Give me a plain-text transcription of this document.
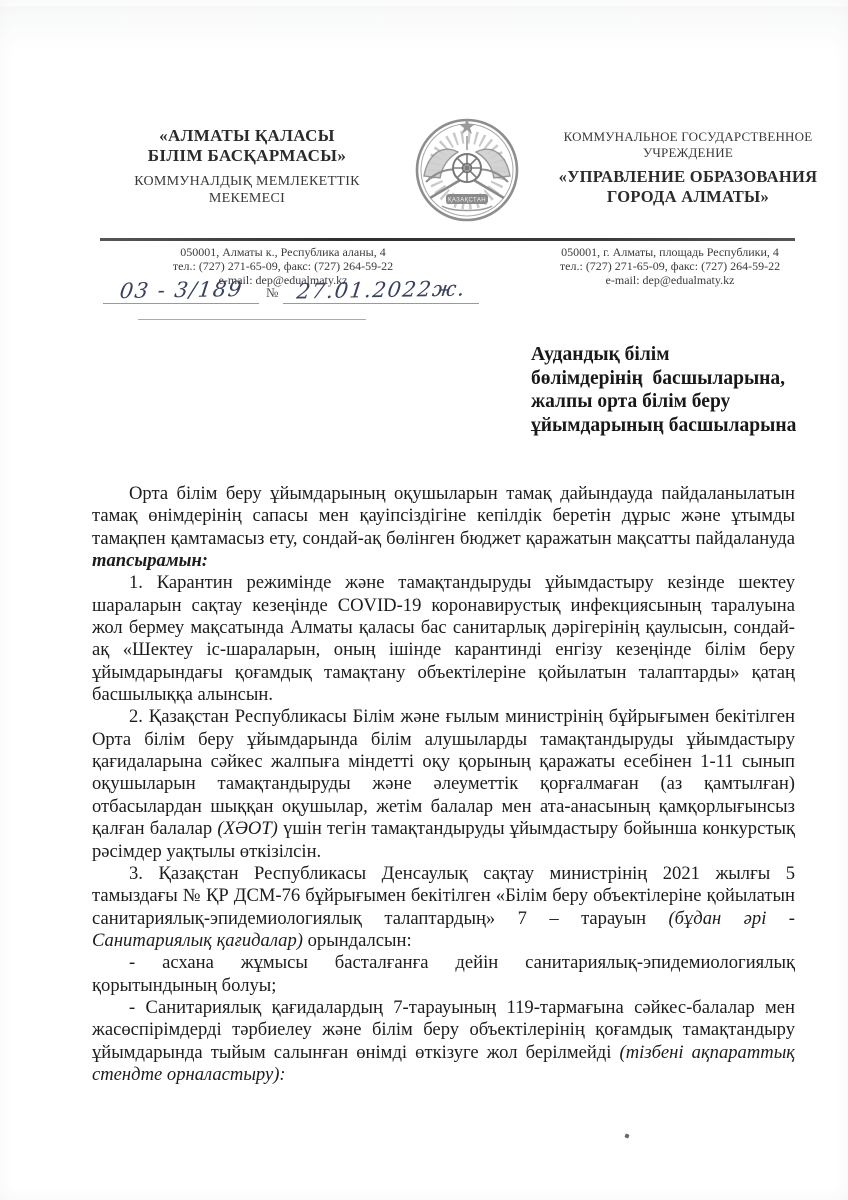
«АЛМАТЫ ҚАЛАСЫ
БІЛІМ БАСҚАРМАСЫ»
КОММУНАЛДЫҚ МЕМЛЕКЕТТІК
МЕКЕМЕСІ	ҚАЗАҚСТАН
КОММУНАЛЬНОЕ ГОСУДАРСТВЕННОЕ
УЧРЕЖДЕНИЕ
«УПРАВЛЕНИЕ ОБРАЗОВАНИЯ
ГОРОДА АЛМАТЫ»
050001, Алматы к., Республика аланы, 4
тел.: (727) 271-65-09, факс: (727) 264-59-22
e-mail: dep@edualmaty.kz
050001, г. Алматы, площадь Республики, 4
тел.: (727) 271-65-09, факс: (727) 264-59-22
e-mail: dep@edualmaty.kz
03 - 3/189	№ 27.01.2022ж.
Аудандық білім
бөлімдерінің  басшыларына,
жалпы орта білім беру
ұйымдарының басшыларына

Орта білім беру ұйымдарының оқушыларын тамақ дайындауда пайдаланылатын тамақ өнімдерінің сапасы мен қауіпсіздігіне кепілдік беретін дұрыс және ұтымды тамақпен қамтамасыз ету, сондай-ақ бөлінген бюджет қаражатын мақсатты пайдалануда тапсырамын:

1. Карантин режимінде және тамақтандыруды ұйымдастыру кезінде шектеу шараларын сақтау кезеңінде COVID-19 коронавирустық инфекциясының таралуына жол бермеу мақсатында Алматы қаласы бас санитарлық дәрігерінің қаулысын, сондай-ақ «Шектеу іс-шараларын, оның ішінде карантинді енгізу кезеңінде білім беру ұйымдарындағы қоғамдық тамақтану объектілеріне қойылатын талаптарды» қатаң басшылыққа алынсын.

2. Қазақстан Республикасы Білім және ғылым министрінің бұйрығымен бекітілген Орта білім беру ұйымдарында білім алушыларды тамақтандыруды ұйымдастыру қағидаларына сәйкес жалпыға міндетті оқу қорының қаражаты есебінен 1-11 сынып оқушыларын тамақтандыруды және әлеуметтік қорғалмаған (аз қамтылған) отбасылардан шыққан оқушылар, жетім балалар мен ата-анасының қамқорлығынсыз қалған балалар (ХӘОТ) үшін тегін тамақтандыруды ұйымдастыру бойынша конкурстық рәсімдер уақтылы өткізілсін.

3. Қазақстан Республикасы Денсаулық сақтау министрінің 2021 жылғы 5 тамыздағы № ҚР ДСМ-76 бұйрығымен бекітілген «Білім беру объектілеріне қойылатын санитариялық-эпидемиологиялық талаптардың» 7 – тарауын (бұдан әрі - Санитариялық қағидалар) орындалсын:

- асхана жұмысы басталғанға дейін санитариялық-эпидемиологиялық қорытындының болуы;

- Санитариялық қағидалардың 7-тарауының 119-тармағына сәйкес-балалар мен жасөспірімдерді тәрбиелеу және білім беру объектілерінің қоғамдық тамақтандыру ұйымдарында тыйым салынған өнімді өткізуге жол берілмейді (тізбені ақпараттық стендте орналастыру):
